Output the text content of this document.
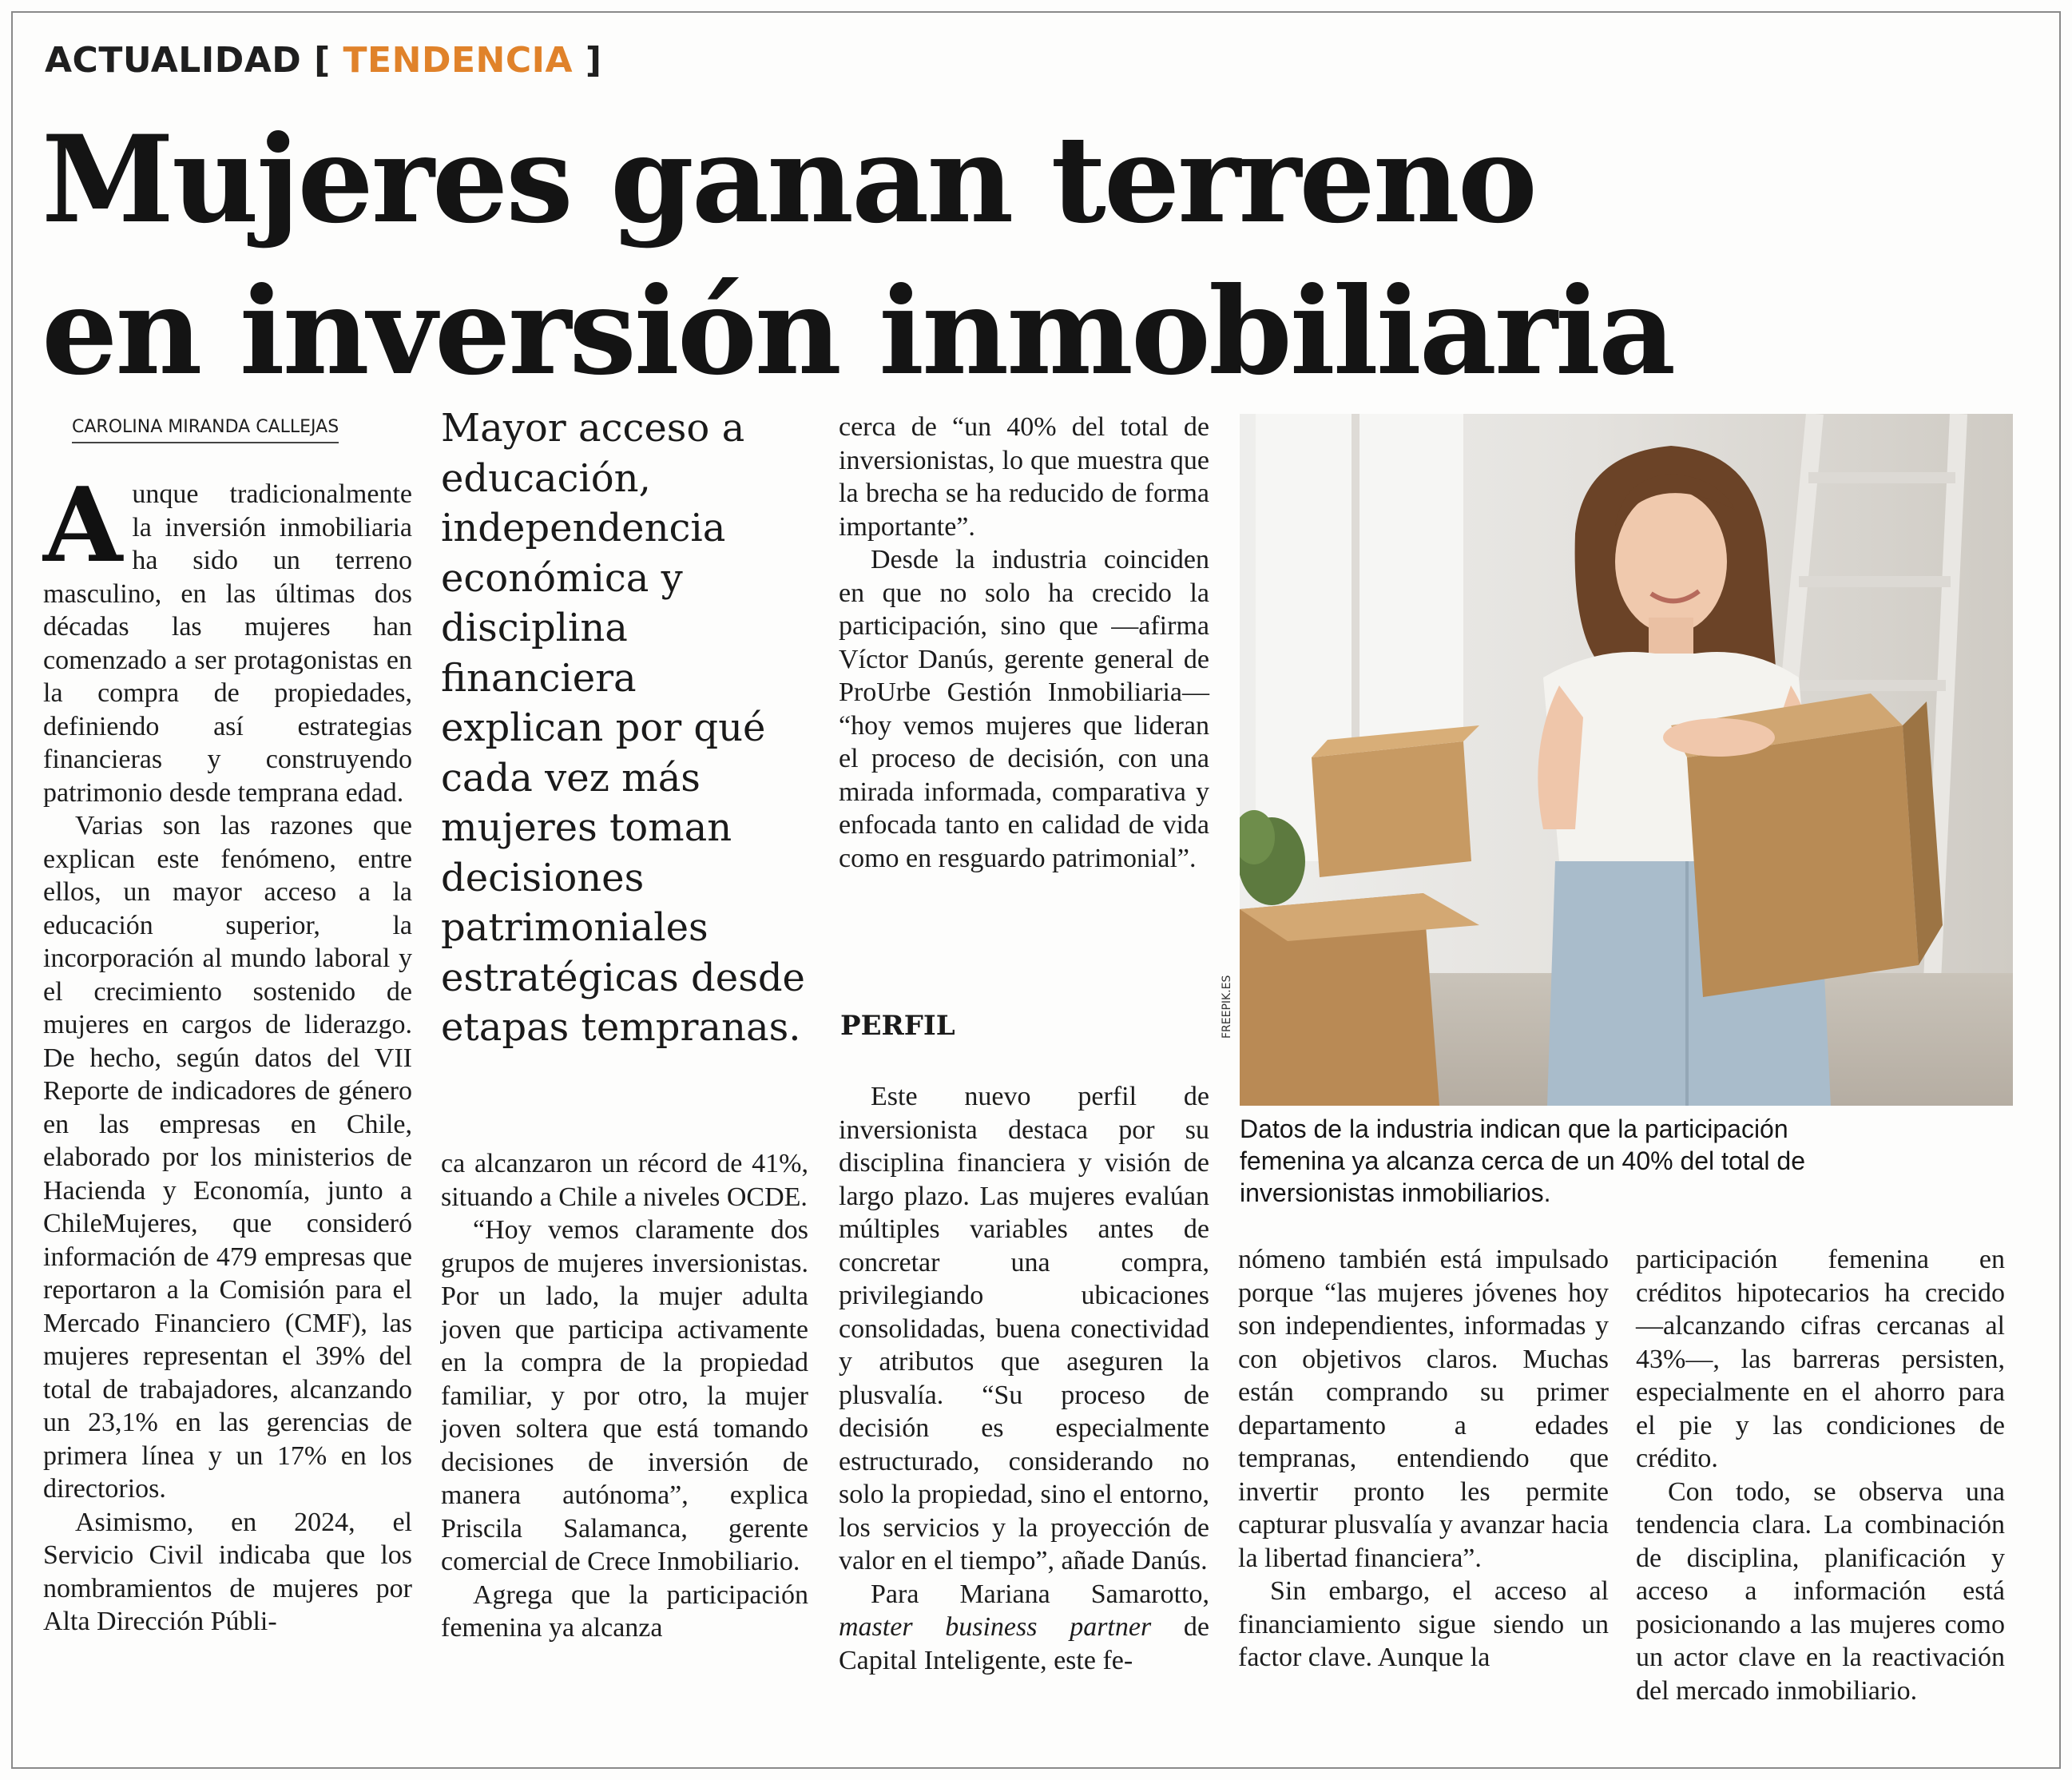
ACTUALIDAD [ TENDENCIA ]
Mujeres ganan terreno
en inversión inmobiliaria
CAROLINA MIRANDA CALLEJAS

Aunque tradicionalmente la inversión inmobiliaria ha sido un terreno masculino, en las últimas dos décadas las mujeres han comenzado a ser protagonistas en la compra de propiedades, definiendo así estrategias financieras y construyendo patrimonio desde temprana edad.

Varias son las razones que explican este fenómeno, entre ellos, un mayor acceso a la educación superior, la incorporación al mundo laboral y el crecimiento sostenido de mujeres en cargos de liderazgo. De hecho, según datos del VII Reporte de indicadores de género en las empresas en Chile, elaborado por los ministerios de Hacienda y Economía, junto a ChileMujeres, que consideró información de 479 empresas que reportaron a la Comisión para el Mercado Financiero (CMF), las mujeres representan el 39% del total de trabajadores, alcanzando un 23,1% en las gerencias de primera línea y un 17% en los directorios.

Asimismo, en 2024, el Servicio Civil indicaba que los nombramientos de mujeres por Alta Dirección Públi-

Mayor acceso a educación, independencia económica y disciplina financiera explican por qué cada vez más mujeres toman decisiones patrimoniales estratégicas desde etapas tempranas.

ca alcanzaron un récord de 41%, situando a Chile a niveles OCDE.

“Hoy vemos claramente dos grupos de mujeres inversionistas. Por un lado, la mujer adulta joven que participa activamente en la compra de la propiedad familiar, y por otro, la mujer joven soltera que está tomando decisiones de inversión de manera autónoma”, explica Priscila Salamanca, gerente comercial de Crece Inmobiliario.

Agrega que la participación femenina ya alcanza

cerca de “un 40% del total de inversionistas, lo que muestra que la brecha se ha reducido de forma importante”.

Desde la industria coinciden en que no solo ha crecido la participación, sino que —afirma Víctor Danús, gerente general de ProUrbe Gestión Inmobiliaria— “hoy vemos mujeres que lideran el proceso de decisión, con una mirada informada, comparativa y enfocada tanto en calidad de vida como en resguardo patrimonial”.

PERFIL

Este nuevo perfil de inversionista destaca por su disciplina financiera y visión de largo plazo. Las mujeres evalúan múltiples variables antes de concretar una compra, privilegiando ubicaciones consolidadas, buena conectividad y atributos que aseguren la plusvalía. “Su proceso de decisión es especialmente estructurado, considerando no solo la propiedad, sino el entorno, los servicios y la proyección de valor en el tiempo”, añade Danús.

Para Mariana Samarotto, master business partner de Capital Inteligente, este fe-

FREEPIK.ES
Datos de la industria indican que la participación femenina ya alcanza cerca de un 40% del total de inversionistas inmobiliarios.

nómeno también está impulsado porque “las mujeres jóvenes hoy son independientes, informadas y con objetivos claros. Muchas están comprando su primer departamento a edades tempranas, entendiendo que invertir pronto les permite capturar plusvalía y avanzar hacia la libertad financiera”.

Sin embargo, el acceso al financiamiento sigue siendo un factor clave. Aunque la

participación femenina en créditos hipotecarios ha crecido —alcanzando cifras cercanas al 43%—, las barreras persisten, especialmente en el ahorro para el pie y las condiciones de crédito.

Con todo, se observa una tendencia clara. La combinación de disciplina, planificación y acceso a información está posicionando a las mujeres como un actor clave en la reactivación del mercado inmobiliario.
